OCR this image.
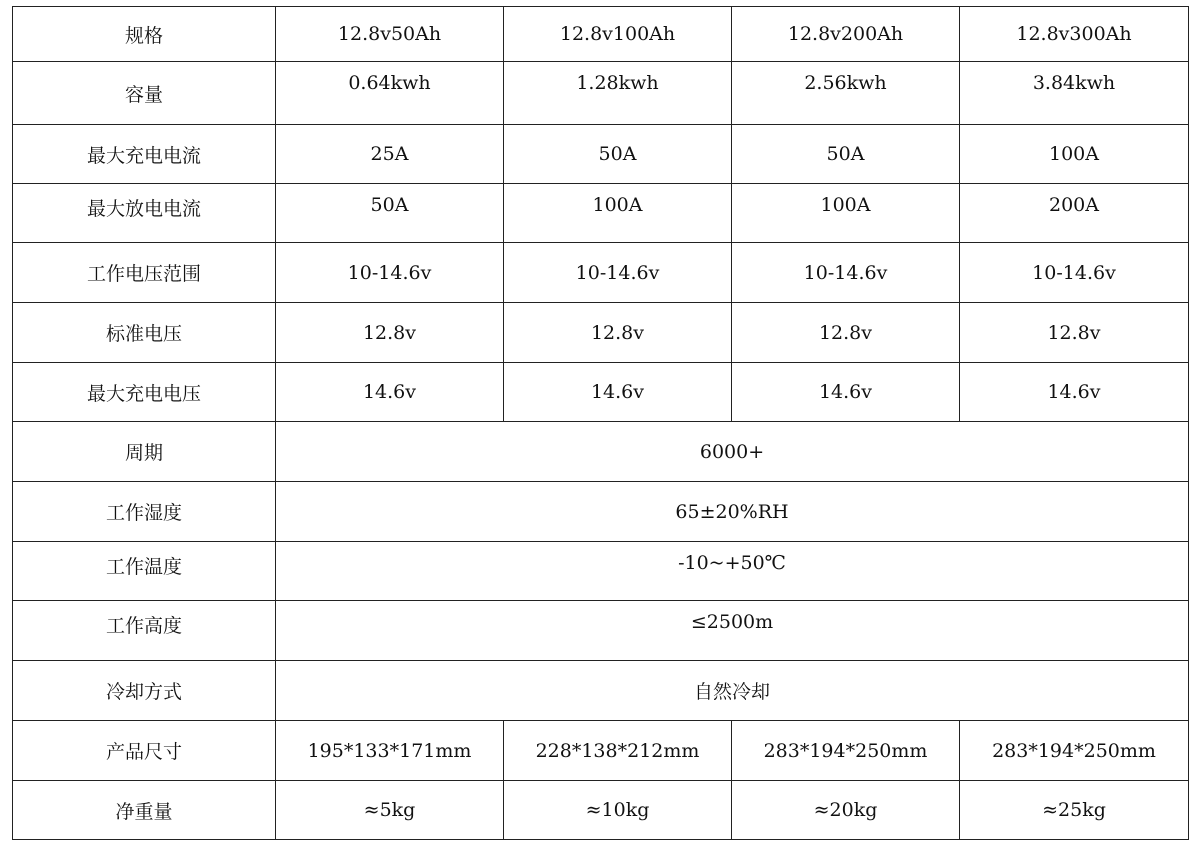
规格	12.8v50Ah	12.8v100Ah	12.8v200Ah	12.8v300Ah
容量	0.64kwh	1.28kwh	2.56kwh	3.84kwh
最大充电电流	25A	50A	50A	100A
最大放电电流	50A	100A	100A	200A
工作电压范围	10-14.6v	10-14.6v	10-14.6v	10-14.6v
标准电压	12.8v	12.8v	12.8v	12.8v
最大充电电压	14.6v	14.6v	14.6v	14.6v
周期	6000+			
工作湿度	65±20%RH			
工作温度	-10~+50℃			
工作高度	≤2500m			
冷却方式	自然冷却			
产品尺寸	195*133*171mm	228*138*212mm	283*194*250mm	283*194*250mm
净重量	≈5kg	≈10kg	≈20kg	≈25kg
